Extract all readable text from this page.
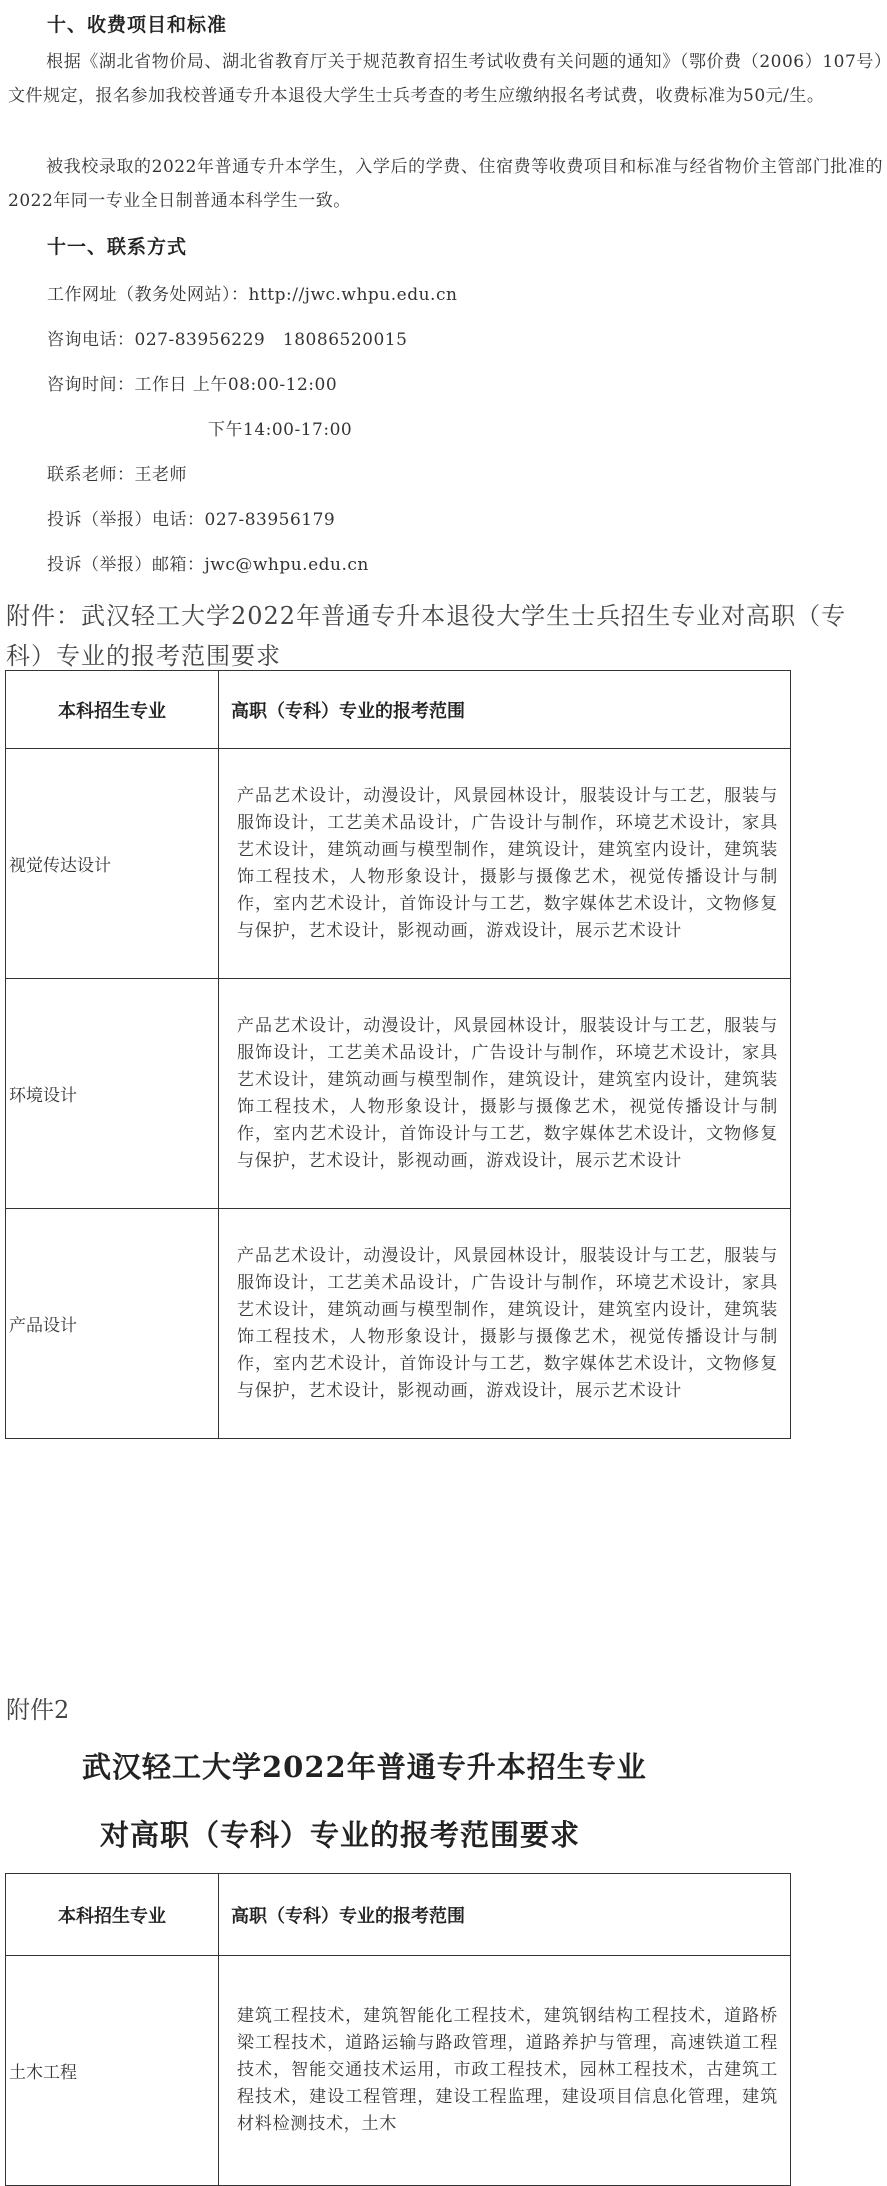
十、收费项目和标准
根据《湖北省物价局、湖北省教育厅关于规范教育招生考试收费有关问题的通知》（鄂价费（2006）107号）文件规定，报名参加我校普通专升本退役大学生士兵考查的考生应缴纳报名考试费，收费标准为50元/生。
被我校录取的2022年普通专升本学生，入学后的学费、住宿费等收费项目和标准与经省物价主管部门批准的2022年同一专业全日制普通本科学生一致。
十一、联系方式
工作网址（教务处网站）：http://jwc.whpu.edu.cn
咨询电话：027-83956229   18086520015
咨询时间：工作日 上午08:00-12:00
下午14:00-17:00
联系老师：王老师
投诉（举报）电话：027-83956179
投诉（举报）邮箱：jwc@whpu.edu.cn
附件：武汉轻工大学2022年普通专升本退役大学生士兵招生专业对高职（专科）专业的报考范围要求
本科招生专业	高职（专科）专业的报考范围
视觉传达设计	产品艺术设计，动漫设计，风景园林设计，服装设计与工艺，服装与服饰设计，工艺美术品设计，广告设计与制作，环境艺术设计，家具艺术设计，建筑动画与模型制作，建筑设计，建筑室内设计，建筑装饰工程技术，人物形象设计，摄影与摄像艺术，视觉传播设计与制作，室内艺术设计，首饰设计与工艺，数字媒体艺术设计，文物修复与保护，艺术设计，影视动画，游戏设计，展示艺术设计
环境设计	产品艺术设计，动漫设计，风景园林设计，服装设计与工艺，服装与服饰设计，工艺美术品设计，广告设计与制作，环境艺术设计，家具艺术设计，建筑动画与模型制作，建筑设计，建筑室内设计，建筑装饰工程技术，人物形象设计，摄影与摄像艺术，视觉传播设计与制作，室内艺术设计，首饰设计与工艺，数字媒体艺术设计，文物修复与保护，艺术设计，影视动画，游戏设计，展示艺术设计
产品设计	产品艺术设计，动漫设计，风景园林设计，服装设计与工艺，服装与服饰设计，工艺美术品设计，广告设计与制作，环境艺术设计，家具艺术设计，建筑动画与模型制作，建筑设计，建筑室内设计，建筑装饰工程技术，人物形象设计，摄影与摄像艺术，视觉传播设计与制作，室内艺术设计，首饰设计与工艺，数字媒体艺术设计，文物修复与保护，艺术设计，影视动画，游戏设计，展示艺术设计
附件2
武汉轻工大学2022年普通专升本招生专业
对高职（专科）专业的报考范围要求
本科招生专业	高职（专科）专业的报考范围
土木工程	建筑工程技术，建筑智能化工程技术，建筑钢结构工程技术，道路桥梁工程技术，道路运输与路政管理，道路养护与管理，高速铁道工程技术，智能交通技术运用，市政工程技术，园林工程技术，古建筑工程技术，建设工程管理，建设工程监理，建设项目信息化管理，建筑材料检测技术，土木
